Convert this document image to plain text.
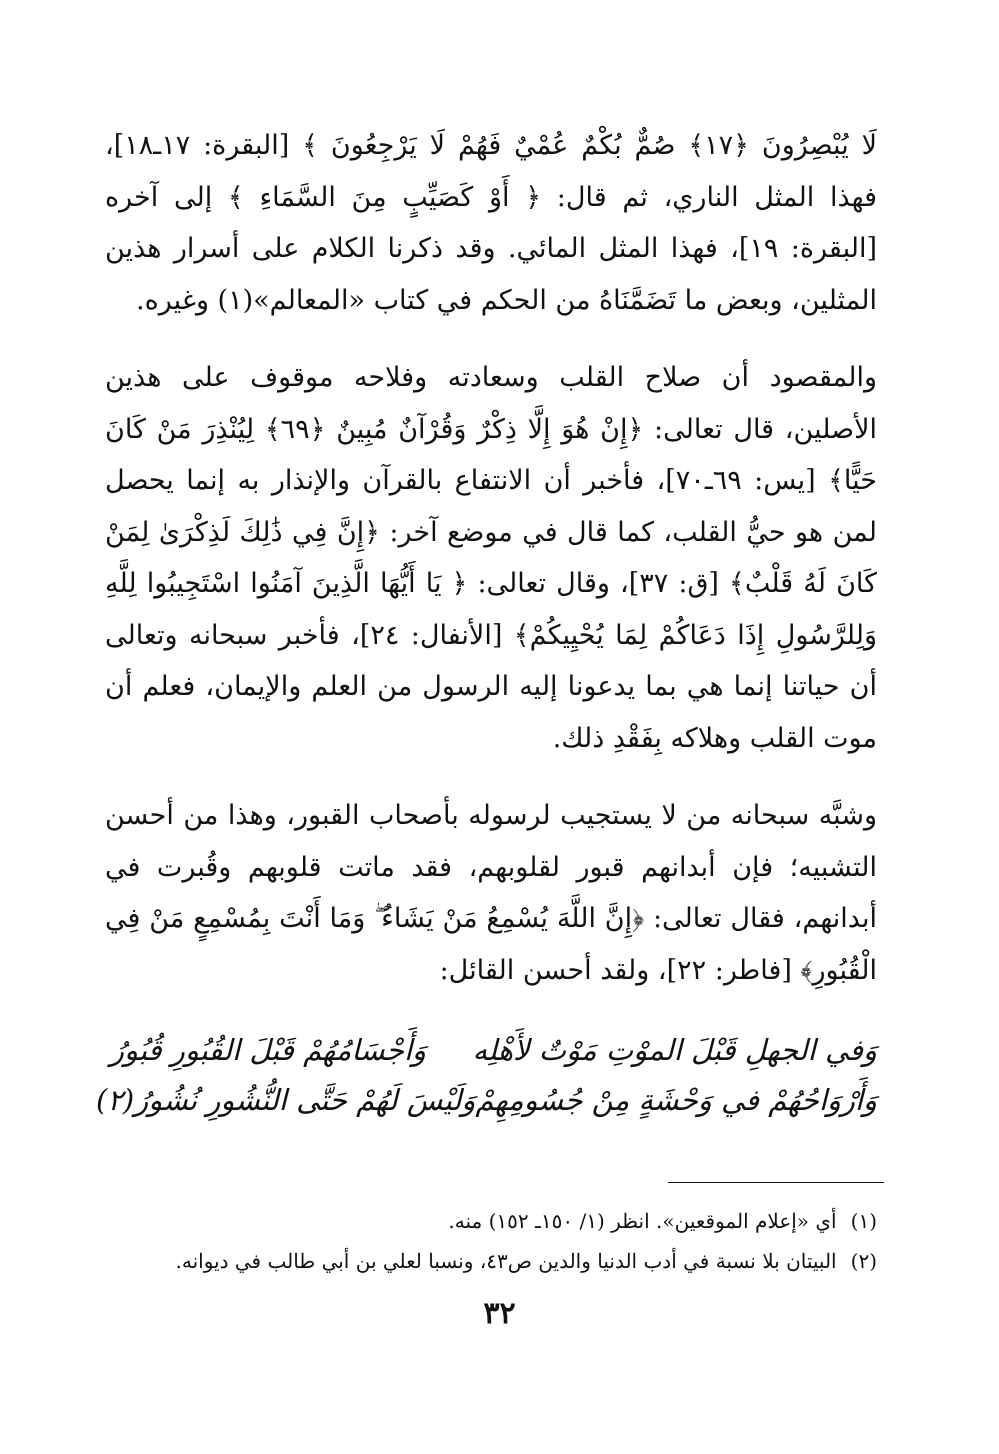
لَا يُبْصِرُونَ ﴿١٧﴾ صُمٌّ بُكْمٌ عُمْيٌ فَهُمْ لَا يَرْجِعُونَ ﴾ [البقرة: ١٧ـ١٨]، فهذا المثل الناري، ثم قال: ﴿ أَوْ كَصَيِّبٍ مِنَ السَّمَاءِ ﴾ إلى آخره [البقرة: ١٩]، فهذا المثل المائي. وقد ذكرنا الكلام على أسرار هذين المثلين، وبعض ما تَضَمَّنَاهُ من الحكم في كتاب «المعالم»(١) وغيره.

والمقصود أن صلاح القلب وسعادته وفلاحه موقوف على هذين الأصلين، قال تعالى: ﴿إِنْ هُوَ إِلَّا ذِكْرٌ وَقُرْآنٌ مُبِينٌ ﴿٦٩﴾ لِيُنْذِرَ مَنْ كَانَ حَيًّا﴾ [يس: ٦٩ـ٧٠]، فأخبر أن الانتفاع بالقرآن والإنذار به إنما يحصل لمن هو حيُّ القلب، كما قال في موضع آخر: ﴿إِنَّ فِي ذَٰلِكَ لَذِكْرَىٰ لِمَنْ كَانَ لَهُ قَلْبٌ﴾ [ق: ٣٧]، وقال تعالى: ﴿ يَا أَيُّهَا الَّذِينَ آمَنُوا اسْتَجِيبُوا لِلَّهِ وَلِلرَّسُولِ إِذَا دَعَاكُمْ لِمَا يُحْيِيكُمْ﴾ [الأنفال: ٢٤]، فأخبر سبحانه وتعالى أن حياتنا إنما هي بما يدعونا إليه الرسول من العلم والإيمان، فعلم أن موت القلب وهلاكه بِفَقْدِ ذلك.

وشبَّه سبحانه من لا يستجيب لرسوله بأصحاب القبور، وهذا من أحسن التشبيه؛ فإن أبدانهم قبور لقلوبهم، فقد ماتت قلوبهم وقُبرت في أبدانهم، فقال تعالى: ﴿إِنَّ اللَّهَ يُسْمِعُ مَنْ يَشَاءُ ۖ وَمَا أَنْتَ بِمُسْمِعٍ مَنْ فِي الْقُبُورِ﴾ [فاطر: ٢٢]، ولقد أحسن القائل:

وَفي الجهلِ قَبْلَ الموْتِ مَوْتٌ لأَهْلِه
وَأَجْسَامُهُمْ قَبْلَ القُبُورِ قُبُورُ
وَأَرْوَاحُهُمْ في وَحْشَةٍ مِنْ جُسُومِهِمْ
وَلَيْسَ لَهُمْ حَتَّى النُّشُورِ نُشُورُ(٢)
(١)أي «إعلام الموقعين». انظر (١/ ١٥٠ـ ١٥٢) منه.
(٢)البيتان بلا نسبة في أدب الدنيا والدين ص٤٣، ونسبا لعلي بن أبي طالب في ديوانه.
٣٢
